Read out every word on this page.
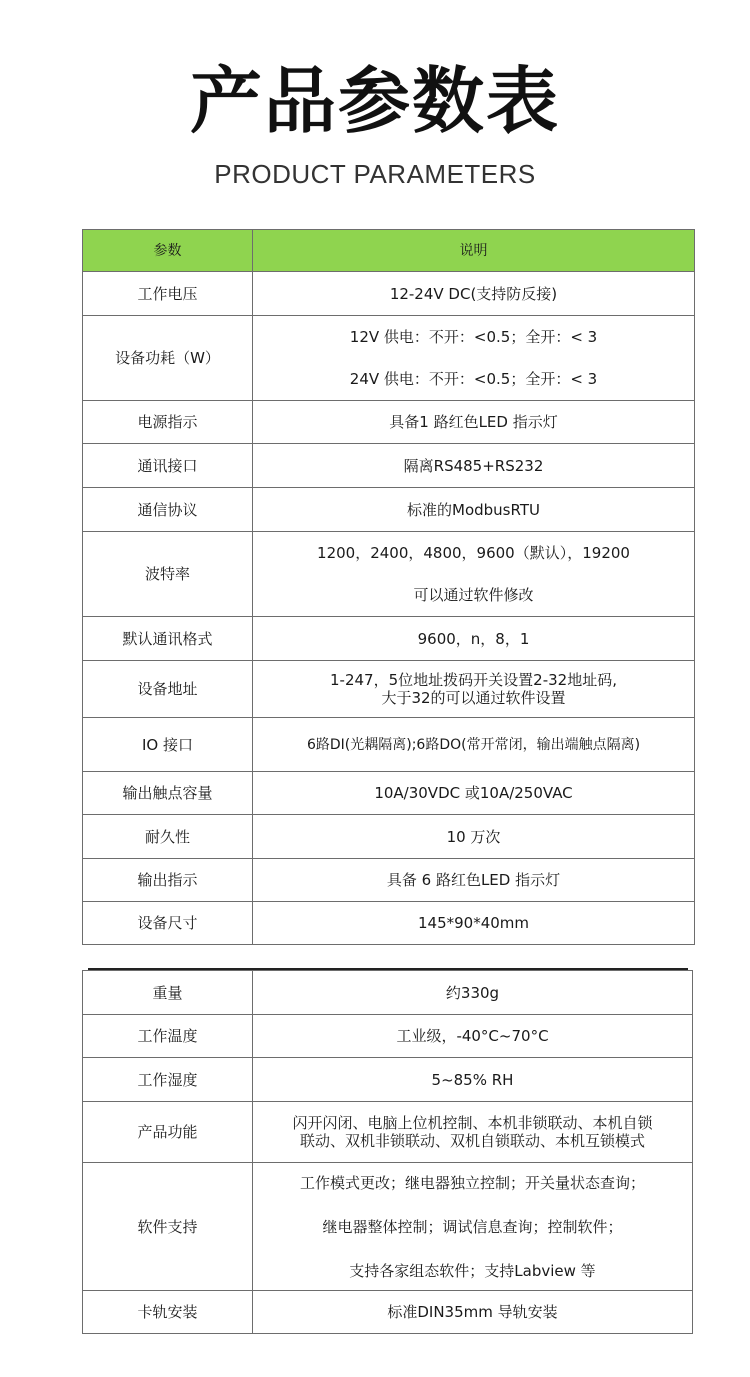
产品参数表
PRODUCT PARAMETERS
参数	说明
工作电压	12-24V DC(支持防反接)
设备功耗（W）	12V 供电：不开：<0.5；全开：< 3
24V 供电：不开：<0.5；全开：< 3

电源指示	具备1 路红色LED 指示灯
通讯接口	隔离RS485+RS232
通信协议	标准的ModbusRTU
波特率	1200，2400，4800，9600（默认），19200
可以通过软件修改

默认通讯格式	9600，n，8，1
设备地址	1-247，5位地址拨码开关设置2-32地址码,
大于32的可以通过软件设置

IO 接口	6路DI(光耦隔离);6路DO(常开常闭，输出端触点隔离)
输出触点容量	10A/30VDC 或10A/250VAC
耐久性	10 万次
输出指示	具备 6 路红色LED 指示灯
设备尺寸	145*90*40mm
重量	约330g
工作温度	工业级，-40°C~70°C
工作湿度	5~85% RH
产品功能	闪开闪闭、电脑上位机控制、本机非锁联动、本机自锁
联动、双机非锁联动、双机自锁联动、本机互锁模式

软件支持	工作模式更改；继电器独立控制；开关量状态查询；
继电器整体控制；调试信息查询；控制软件；
支持各家组态软件；支持Labview 等

卡轨安装	标准DIN35mm 导轨安装
